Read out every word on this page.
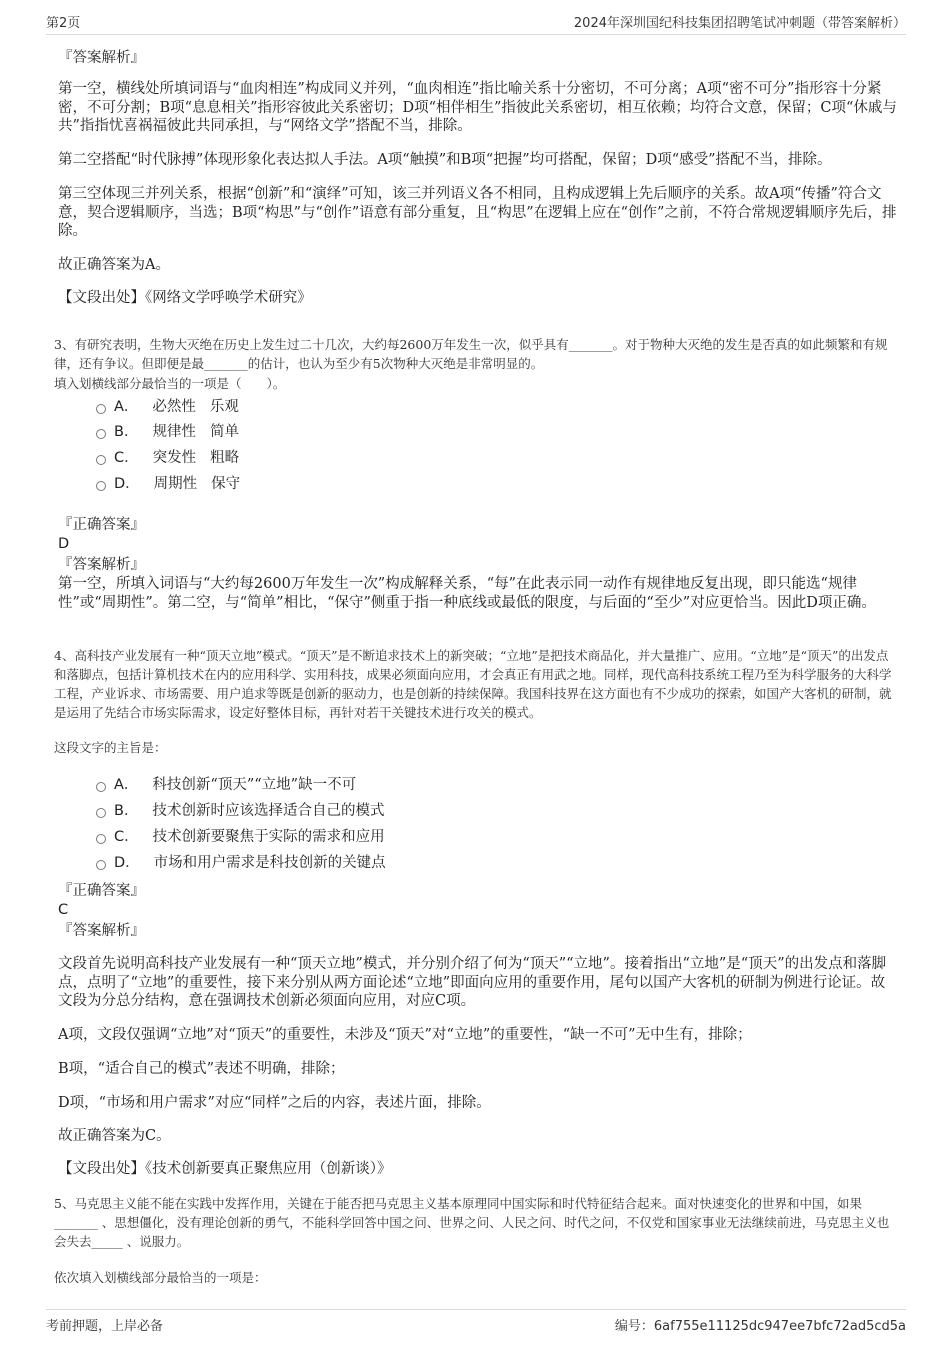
第2页	2024年深圳国纪科技集团招聘笔试冲刺题（带答案解析）
『答案解析』
第一空，横线处所填词语与“血肉相连”构成同义并列，“血肉相连”指比喻关系十分密切，不可分离；A项“密不可分”指形容十分紧密，不可分割；B项“息息相关”指形容彼此关系密切；D项“相伴相生”指彼此关系密切，相互依赖；均符合文意，保留；C项“休戚与共”指指忧喜祸福彼此共同承担，与“网络文学”搭配不当，排除。
第二空搭配“时代脉搏”体现形象化表达拟人手法。A项“触摸”和B项“把握”均可搭配，保留；D项“感受”搭配不当，排除。
第三空体现三并列关系，根据“创新”和“演绎”可知，该三并列语义各不相同，且构成逻辑上先后顺序的关系。故A项“传播”符合文意，契合逻辑顺序，当选；B项“构思”与“创作”语意有部分重复，且“构思”在逻辑上应在“创作”之前，不符合常规逻辑顺序先后，排除。
故正确答案为A。
【文段出处】《网络文学呼唤学术研究》
3、有研究表明，生物大灭绝在历史上发生过二十几次，大约每2600万年发生一次，似乎具有_______。对于物种大灭绝的发生是否真的如此频繁和有规律，还有争议。但即便是最_______的估计，也认为至少有5次物种大灭绝是非常明显的。
填入划横线部分最恰当的一项是（　　）。
A． 必然性 乐观
B． 规律性 简单
C． 突发性 粗略
D． 周期性 保守
『正确答案』
D
『答案解析』
第一空，所填入词语与“大约每2600万年发生一次”构成解释关系，“每”在此表示同一动作有规律地反复出现，即只能选“规律性”或“周期性”。第二空，与“简单”相比，“保守”侧重于指一种底线或最低的限度，与后面的“至少”对应更恰当。因此D项正确。
4、高科技产业发展有一种“顶天立地”模式。“顶天”是不断追求技术上的新突破；“立地”是把技术商品化，并大量推广、应用。“立地”是“顶天”的出发点和落脚点，包括计算机技术在内的应用科学、实用科技，成果必须面向应用，才会真正有用武之地。同样，现代高科技系统工程乃至为科学服务的大科学工程，产业诉求、市场需要、用户追求等既是创新的驱动力，也是创新的持续保障。我国科技界在这方面也有不少成功的探索，如国产大客机的研制，就是运用了先结合市场实际需求，设定好整体目标，再针对若干关键技术进行攻关的模式。
这段文字的主旨是：
A． 科技创新“顶天”“立地”缺一不可
B． 技术创新时应该选择适合自己的模式
C． 技术创新要聚焦于实际的需求和应用
D． 市场和用户需求是科技创新的关键点
『正确答案』
C
『答案解析』
文段首先说明高科技产业发展有一种“顶天立地”模式，并分别介绍了何为“顶天”“立地”。接着指出“立地”是“顶天”的出发点和落脚点，点明了“立地”的重要性，接下来分别从两方面论述“立地”即面向应用的重要作用，尾句以国产大客机的研制为例进行论证。故文段为分总分结构，意在强调技术创新必须面向应用，对应C项。
A项，文段仅强调“立地”对“顶天”的重要性，未涉及“顶天”对“立地”的重要性，“缺一不可”无中生有，排除；
B项，“适合自己的模式”表述不明确，排除；
D项，“市场和用户需求”对应“同样”之后的内容，表述片面，排除。
故正确答案为C。
【文段出处】《技术创新要真正聚焦应用（创新谈）》
5、马克思主义能不能在实践中发挥作用，关键在于能否把马克思主义基本原理同中国实际和时代特征结合起来。面对快速变化的世界和中国，如果_______ 、思想僵化，没有理论创新的勇气，不能科学回答中国之问、世界之问、人民之问、时代之问，不仅党和国家事业无法继续前进，马克思主义也会失去_____ 、说服力。
依次填入划横线部分最恰当的一项是：
考前押题，上岸必备	编号：6af755e11125dc947ee7bfc72ad5cd5a
